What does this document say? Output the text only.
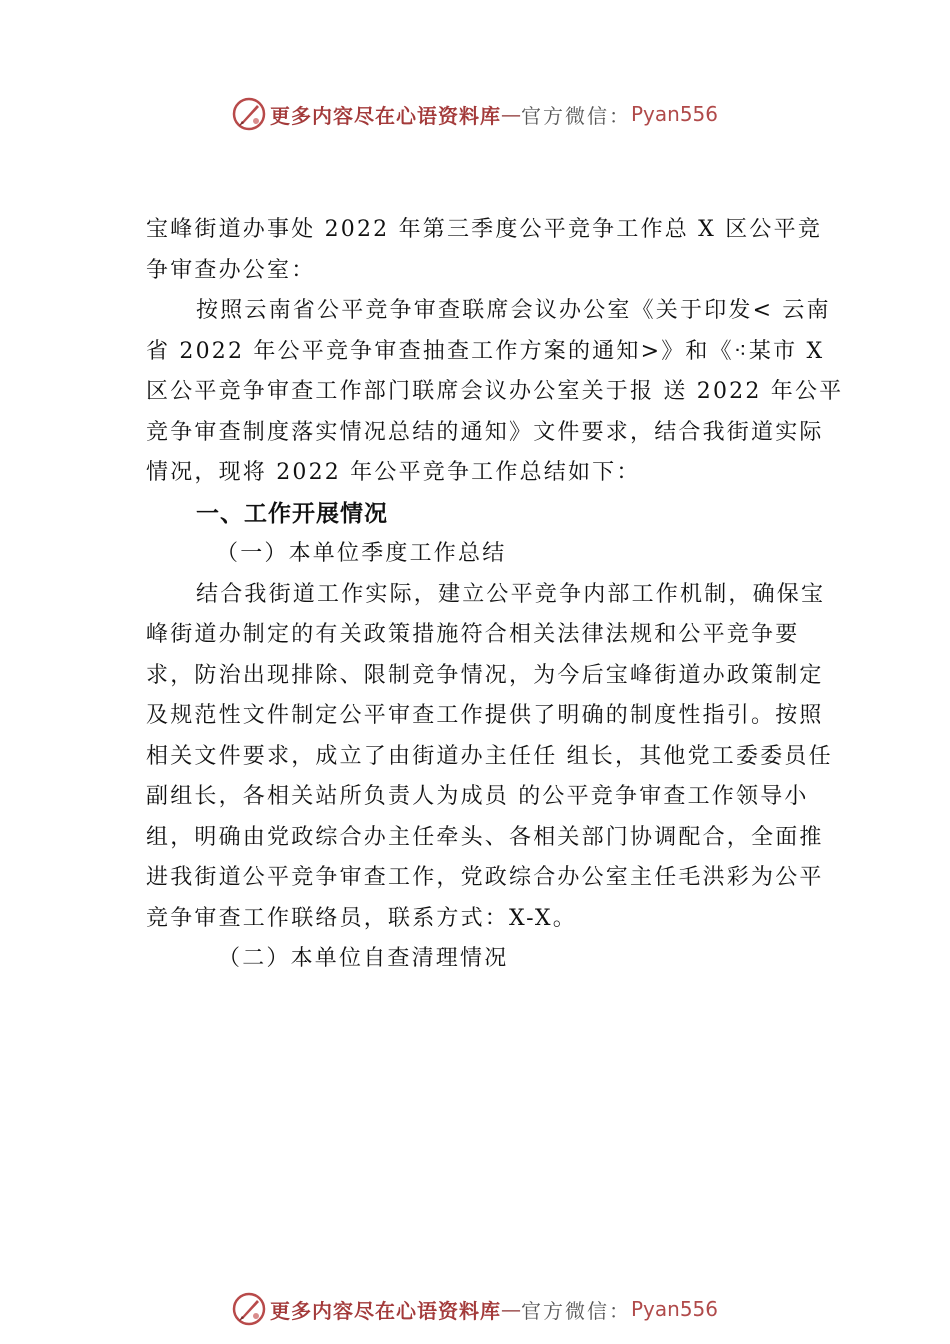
更多内容尽在心语资料库 — 官方微信： Pyan556

宝峰街道办事处 2022 年第三季度公平竞争工作总 X 区公平竞争审查办公室：

按照云南省公平竞争审查联席会议办公室《关于印发< 云南省 2022 年公平竞争审查抽查工作方案的通知>》和《⁖某市 X 区公平竞争审查工作部门联席会议办公室关于报 送 2022 年公平竞争审查制度落实情况总结的通知》文件要求，结合我街道实际情况，现将 2022 年公平竞争工作总结如下：

一、工作开展情况

（一）本单位季度工作总结

结合我街道工作实际，建立公平竞争内部工作机制，确保宝峰街道办制定的有关政策措施符合相关法律法规和公平竞争要求，防治出现排除、限制竞争情况，为今后宝峰街道办政策制定及规范性文件制定公平审查工作提供了明确的制度性指引。按照相关文件要求，成立了由街道办主任任 组长，其他党工委委员任副组长，各相关站所负责人为成员 的公平竞争审查工作领导小组，明确由党政综合办主任牵头、各相关部门协调配合，全面推进我街道公平竞争审查工作，党政综合办公室主任毛洪彩为公平竞争审查工作联络员，联系方式：X-X。

（二）本单位自查清理情况

更多内容尽在心语资料库 — 官方微信： Pyan556
